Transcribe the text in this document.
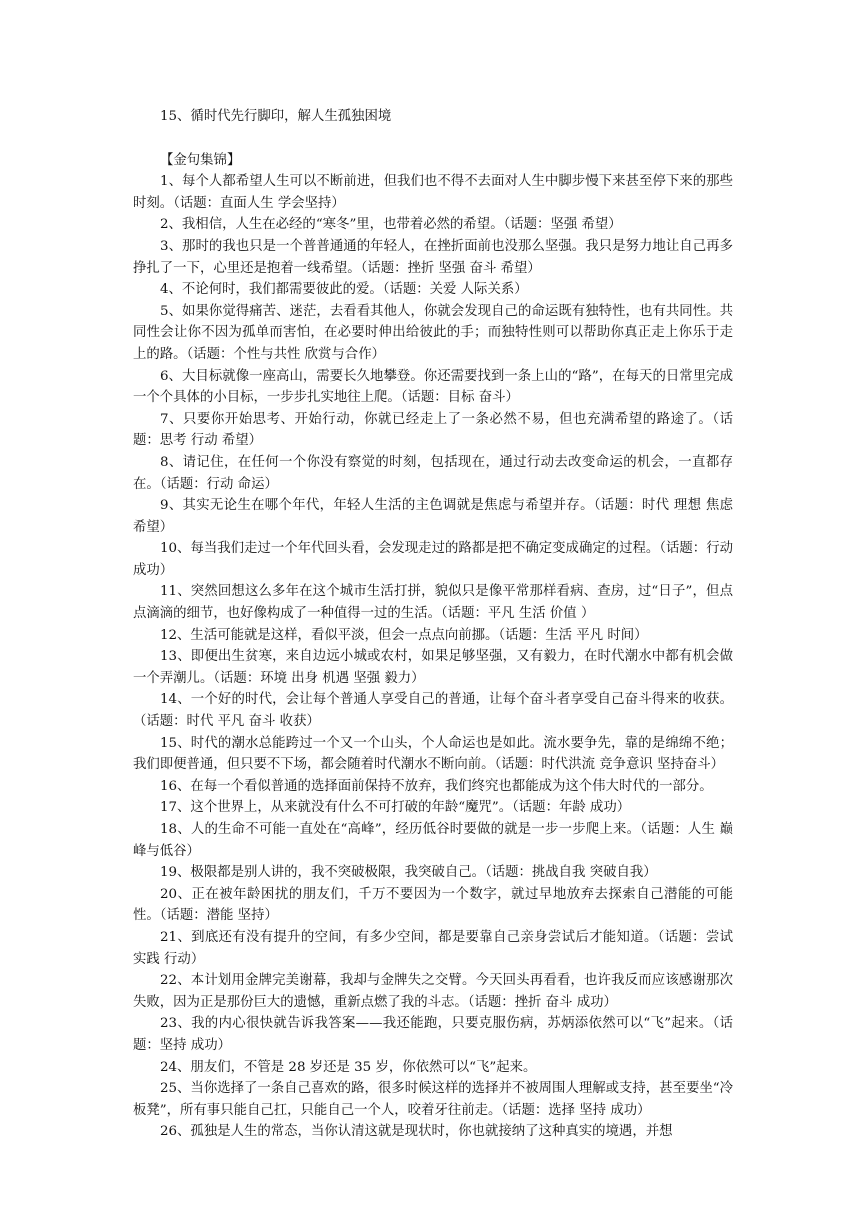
15、循时代先行脚印，解人生孤独困境

【金句集锦】

1、每个人都希望人生可以不断前进，但我们也不得不去面对人生中脚步慢下来甚至停下来的那些时刻。（话题：直面人生 学会坚持）

2、我相信，人生在必经的“寒冬”里，也带着必然的希望。（话题：坚强 希望）

3、那时的我也只是一个普普通通的年轻人，在挫折面前也没那么坚强。我只是努力地让自己再多挣扎了一下，心里还是抱着一线希望。（话题：挫折 坚强 奋斗 希望）

4、不论何时，我们都需要彼此的爱。（话题：关爱 人际关系）

5、如果你觉得痛苦、迷茫，去看看其他人，你就会发现自己的命运既有独特性，也有共同性。共同性会让你不因为孤单而害怕，在必要时伸出给彼此的手；而独特性则可以帮助你真正走上你乐于走上的路。（话题：个性与共性 欣赏与合作）

6、大目标就像一座高山，需要长久地攀登。你还需要找到一条上山的“路”，在每天的日常里完成一个个具体的小目标，一步步扎实地往上爬。（话题：目标 奋斗）

7、只要你开始思考、开始行动，你就已经走上了一条必然不易，但也充满希望的路途了。（话题：思考 行动 希望）

8、请记住，在任何一个你没有察觉的时刻，包括现在，通过行动去改变命运的机会，一直都存在。（话题：行动 命运）

9、其实无论生在哪个年代，年轻人生活的主色调就是焦虑与希望并存。（话题：时代 理想 焦虑 希望）

10、每当我们走过一个年代回头看，会发现走过的路都是把不确定变成确定的过程。（话题：行动 成功）

11、突然回想这么多年在这个城市生活打拼，貌似只是像平常那样看病、查房，过“日子”，但点点滴滴的细节，也好像构成了一种值得一过的生活。（话题：平凡 生活 价值 ）

12、生活可能就是这样，看似平淡，但会一点点向前挪。（话题：生活 平凡 时间）

13、即便出生贫寒，来自边远小城或农村，如果足够坚强，又有毅力，在时代潮水中都有机会做一个弄潮儿。（话题：环境 出身 机遇 坚强 毅力）

14、一个好的时代，会让每个普通人享受自己的普通，让每个奋斗者享受自己奋斗得来的收获。（话题：时代 平凡 奋斗 收获）

15、时代的潮水总能跨过一个又一个山头，个人命运也是如此。流水要争先，靠的是绵绵不绝；我们即便普通，但只要不下场，都会随着时代潮水不断向前。（话题：时代洪流 竞争意识 坚持奋斗）

16、在每一个看似普通的选择面前保持不放弃，我们终究也都能成为这个伟大时代的一部分。

17、这个世界上，从来就没有什么不可打破的年龄“魔咒”。（话题：年龄 成功）

18、人的生命不可能一直处在“高峰”，经历低谷时要做的就是一步一步爬上来。（话题：人生 巅峰与低谷）

19、极限都是别人讲的，我不突破极限，我突破自己。（话题：挑战自我 突破自我）

20、正在被年龄困扰的朋友们，千万不要因为一个数字，就过早地放弃去探索自己潜能的可能性。（话题：潜能 坚持）

21、到底还有没有提升的空间，有多少空间，都是要靠自己亲身尝试后才能知道。（话题：尝试 实践 行动）

22、本计划用金牌完美谢幕，我却与金牌失之交臂。今天回头再看看，也许我反而应该感谢那次失败，因为正是那份巨大的遗憾，重新点燃了我的斗志。（话题：挫折 奋斗 成功）

23、我的内心很快就告诉我答案——我还能跑，只要克服伤病，苏炳添依然可以“飞”起来。（话题：坚持 成功）

24、朋友们，不管是 28 岁还是 35 岁，你依然可以“飞”起来。

25、当你选择了一条自己喜欢的路，很多时候这样的选择并不被周围人理解或支持，甚至要坐“冷板凳”，所有事只能自己扛，只能自己一个人，咬着牙往前走。（话题：选择 坚持 成功）

26、孤独是人生的常态，当你认清这就是现状时，你也就接纳了这种真实的境遇，并想
